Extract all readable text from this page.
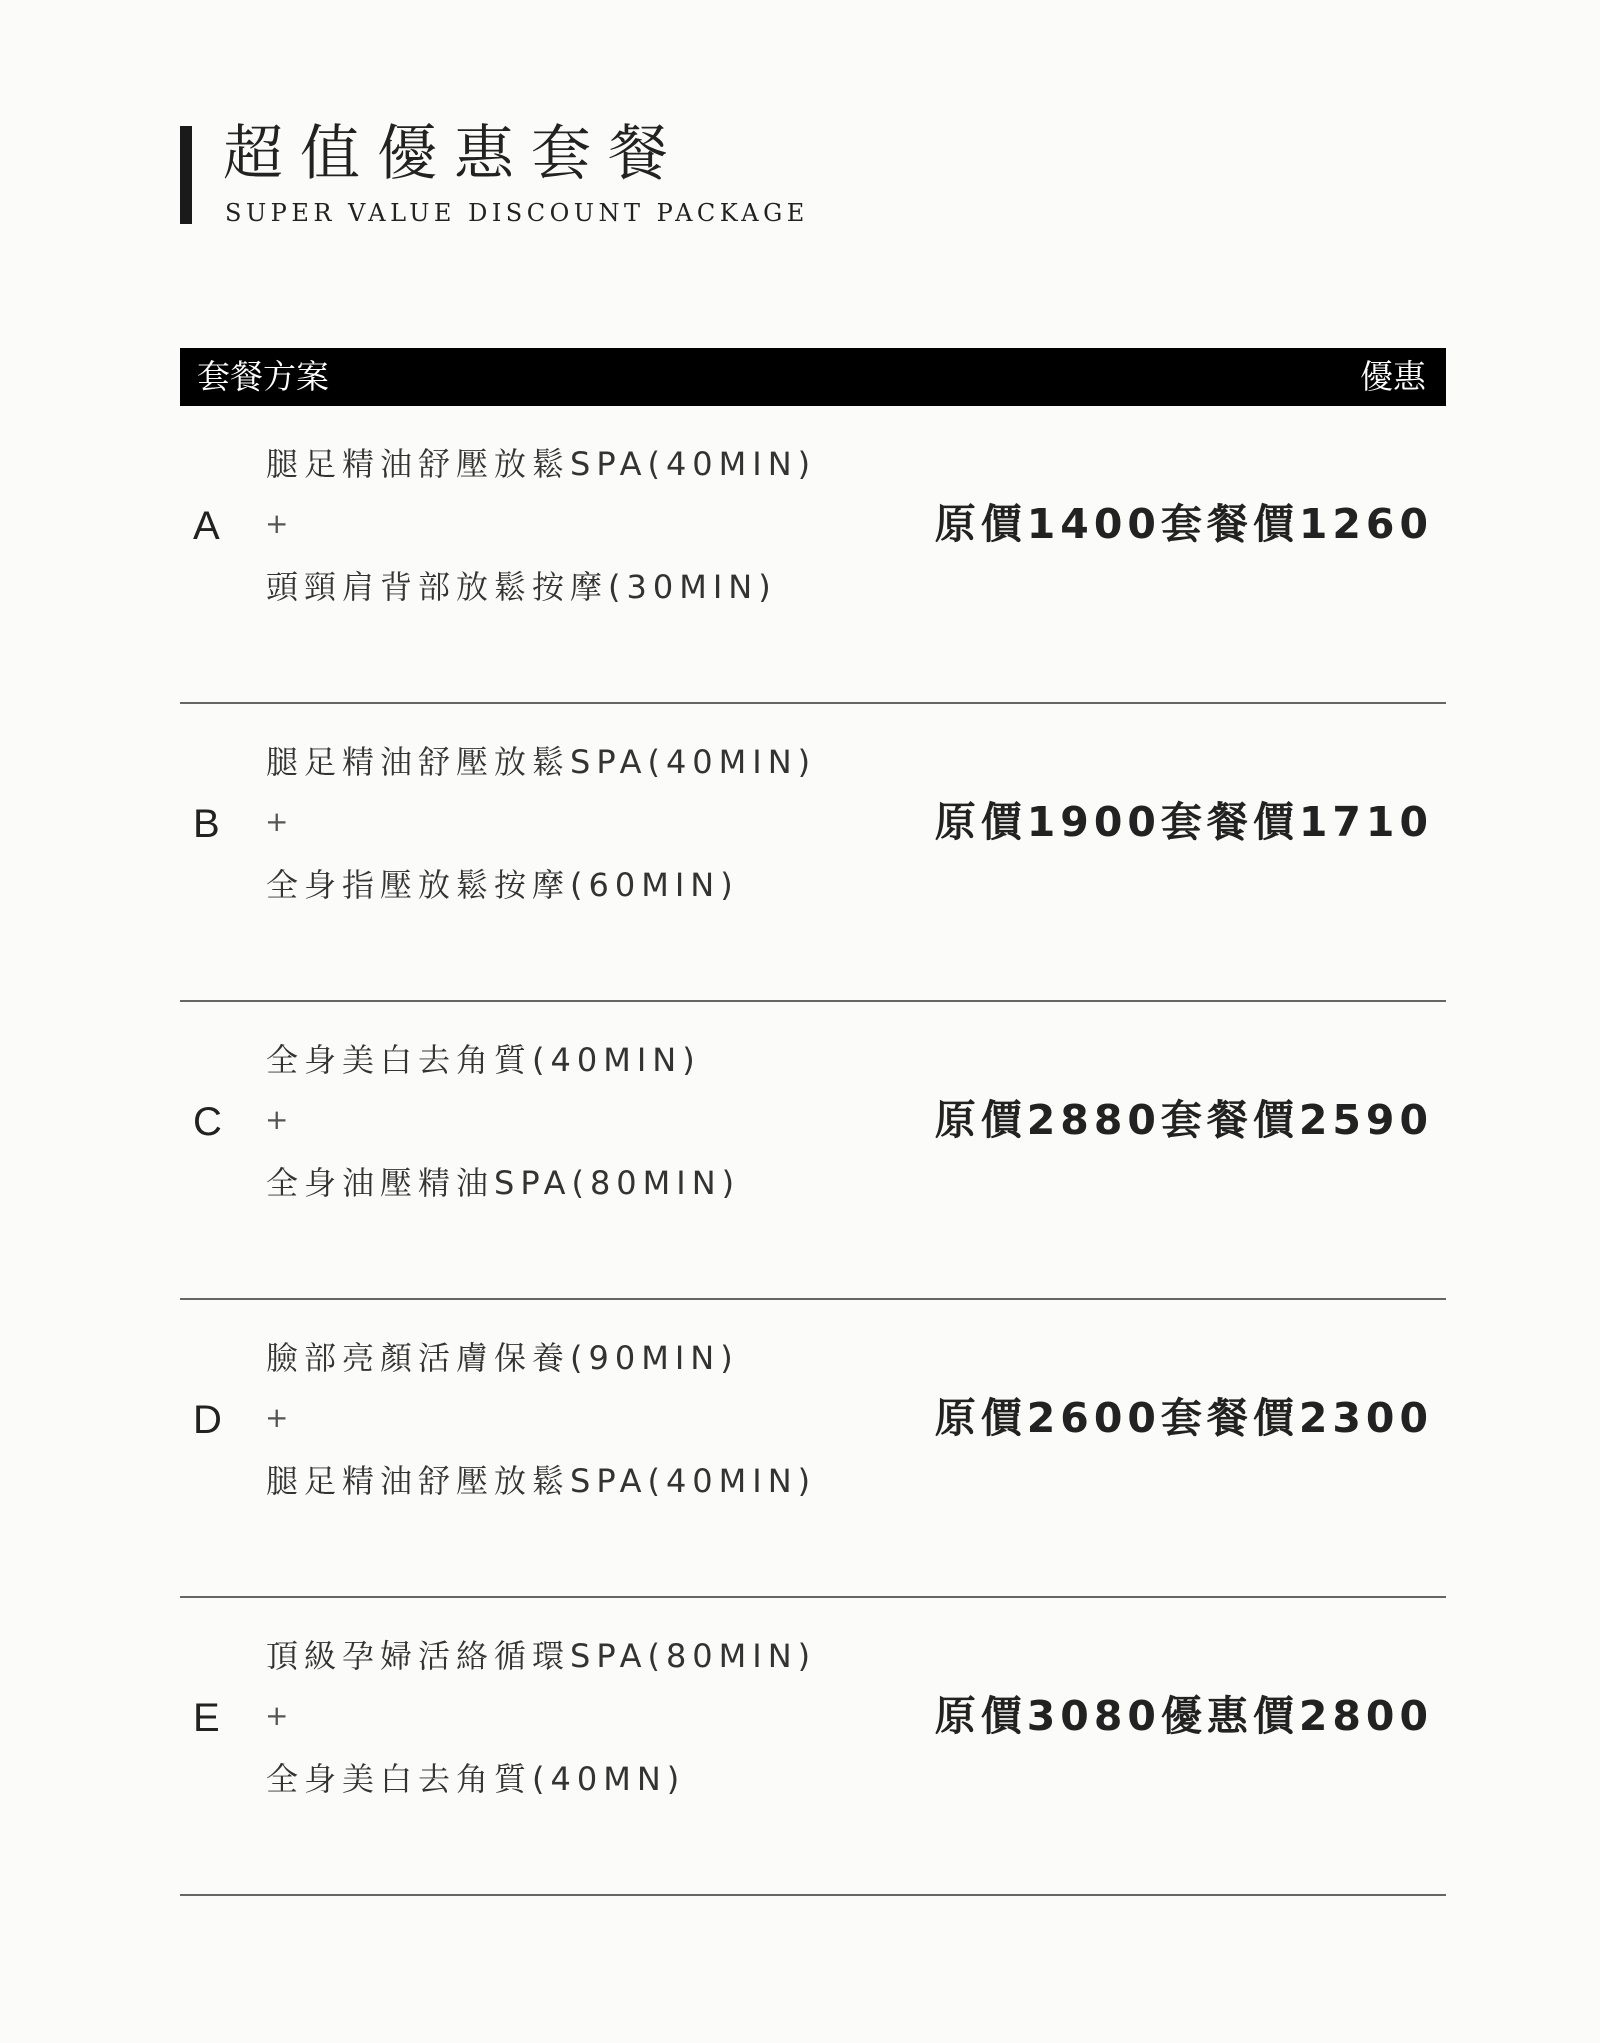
超值優惠套餐
SUPER VALUE DISCOUNT PACKAGE
套餐方案	優惠
A
腿足精油舒壓放鬆SPA(40MIN)
+
頭頸肩背部放鬆按摩(30MIN)
原價1400套餐價1260
B
腿足精油舒壓放鬆SPA(40MIN)
+
全身指壓放鬆按摩(60MIN)
原價1900套餐價1710
C
全身美白去角質(40MIN)
+
全身油壓精油SPA(80MIN)
原價2880套餐價2590
D
臉部亮顏活膚保養(90MIN)
+
腿足精油舒壓放鬆SPA(40MIN)
原價2600套餐價2300
E
頂級孕婦活絡循環SPA(80MIN)
+
全身美白去角質(40MN)
原價3080優惠價2800
